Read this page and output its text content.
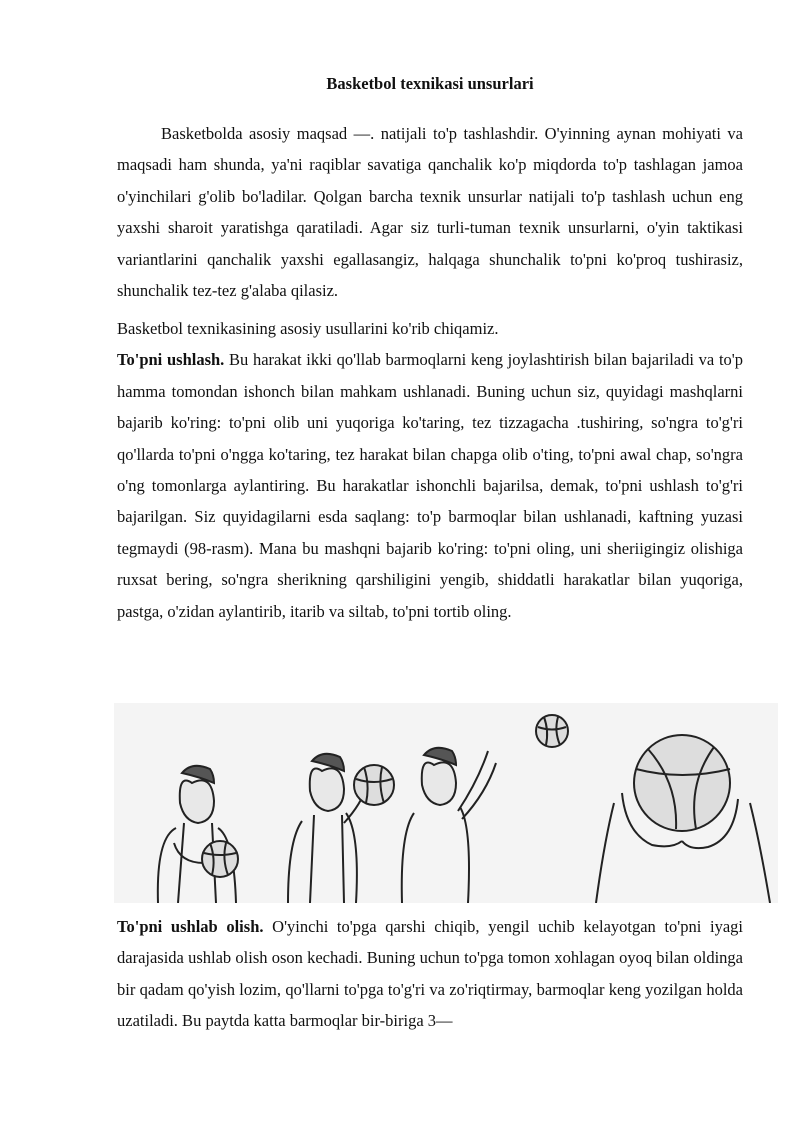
Basketbol texnikasi unsurlari

Basketbolda asosiy maqsad —. natijali to'p tashlashdir. O'yinning aynan mohiyati va maqsadi ham shunda, ya'ni raqiblar savatiga qanchalik ko'p miqdorda to'p tashlagan jamoa o'yinchilari g'olib bo'ladilar. Qolgan barcha texnik unsurlar natijali to'p tashlash uchun eng yaxshi sharoit yaratishga qaratiladi. Agar siz turli-tuman texnik unsurlarni, o'yin taktikasi variantlarini qanchalik yaxshi egallasangiz, halqaga shunchalik to'pni ko'proq tushirasiz, shunchalik tez-tez g'alaba qilasiz.

Basketbol texnikasining asosiy usullarini ko'rib chiqamiz.

To'pni ushlash. Bu harakat ikki qo'llab barmoqlarni keng joylashtirish bilan bajariladi va to'p hamma tomondan ishonch bilan mahkam ushlanadi. Buning uchun siz, quyidagi mashqlarni bajarib ko'ring: to'pni olib uni yuqoriga ko'taring, tez tizzagacha .tushiring, so'ngra to'g'ri qo'llarda to'pni o'ngga ko'taring, tez harakat bilan chapga olib o'ting, to'pni awal chap, so'ngra o'ng tomonlarga aylantiring. Bu harakatlar ishonchli bajarilsa, demak, to'pni ushlash to'g'ri bajarilgan. Siz quyidagilarni esda saqlang: to'p barmoqlar bilan ushlanadi, kaftning yuzasi tegmaydi (98-rasm). Mana bu mashqni bajarib ko'ring: to'pni oling, uni sheriigingiz olishiga ruxsat bering, so'ngra sherikning qarshiligini yengib, shiddatli harakatlar bilan yuqoriga, pastga, o'zidan aylantirib, itarib va siltab, to'pni tortib oling.

To'pni ushlab olish. O'yinchi to'pga qarshi chiqib, yengil uchib kelayotgan to'pni iyagi darajasida ushlab olish oson kechadi. Buning uchun to'pga tomon xohlagan oyoq bilan oldinga bir qadam qo'yish lozim, qo'llarni to'pga to'g'ri va zo'riqtirmay, barmoqlar keng yozilgan holda uzatiladi. Bu paytda katta barmoqlar bir-biriga 3—
